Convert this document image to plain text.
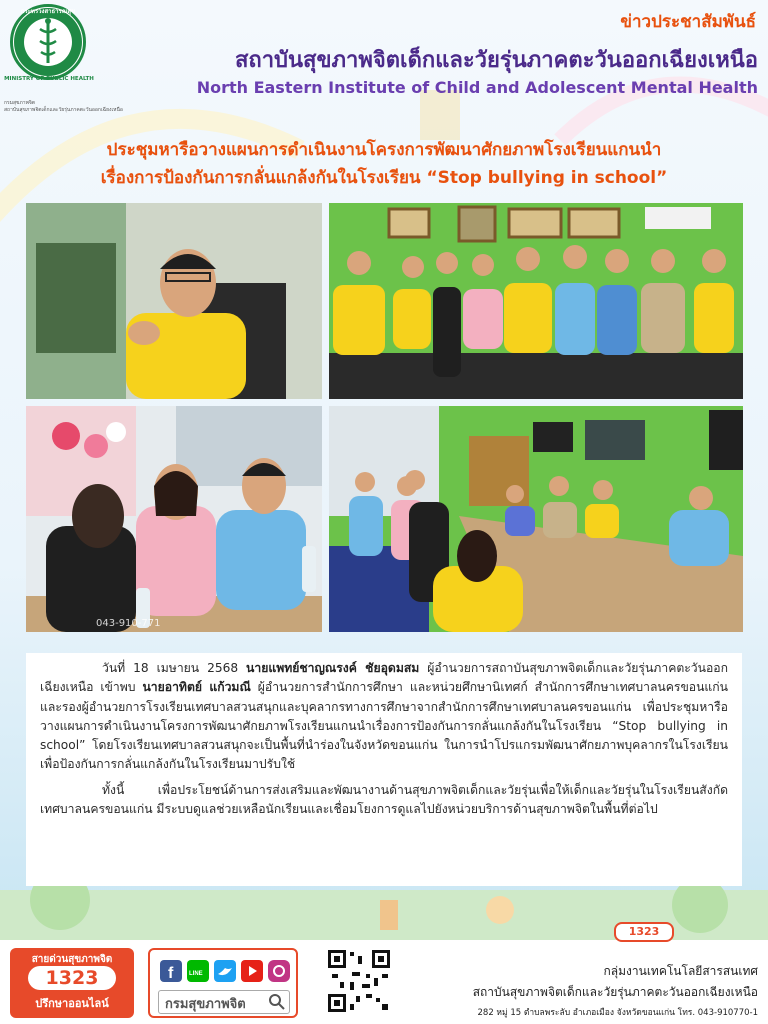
กระทรวงสาธารณสุข
MINISTRY OF PUBLIC HEALTH
กรมสุขภาพจิต
สถาบันสุขภาพจิตเด็กและวัยรุ่นภาคตะวันออกเฉียงเหนือ
ข่าวประชาสัมพันธ์
สถาบันสุขภาพจิตเด็กและวัยรุ่นภาคตะวันออกเฉียงเหนือ
North Eastern Institute of Child and Adolescent Mental Health
ประชุมหารือวางแผนการดำเนินงานโครงการพัฒนาศักยภาพโรงเรียนแกนนำ
เรื่องการป้องกันการกลั่นแกล้งกันในโรงเรียน “Stop bullying in school”
043-910-771

วันที่ 18 เมษายน 2568 นายแพทย์ชาญณรงค์ ชัยอุดมสม ผู้อำนวยการสถาบันสุขภาพจิตเด็กและวัยรุ่นภาคตะวันออกเฉียงเหนือ เข้าพบ นายอาทิตย์ แก้วมณี ผู้อำนวยการสำนักการศึกษา และหน่วยศึกษานิเทศก์ สำนักการศึกษาเทศบาลนครขอนแก่น และรองผู้อำนวยการโรงเรียนเทศบาลสวนสนุกและบุคลากรทางการศึกษาจากสำนักการศึกษาเทศบาลนครขอนแก่น เพื่อประชุมหารือวางแผนการดำเนินงานโครงการพัฒนาศักยภาพโรงเรียนแกนนำเรื่องการป้องกันการกลั่นแกล้งกันในโรงเรียน “Stop bullying in school” โดยโรงเรียนเทศบาลสวนสนุกจะเป็นพื้นที่นำร่องในจังหวัดขอนแก่น ในการนำโปรแกรมพัฒนาศักยภาพบุคลากรในโรงเรียนเพื่อป้องกันการกลั่นแกล้งกันในโรงเรียนมาปรับใช้

ทั้งนี้ เพื่อประโยชน์ด้านการส่งเสริมและพัฒนางานด้านสุขภาพจิตเด็กและวัยรุ่นเพื่อให้เด็กและวัยรุ่นในโรงเรียนสังกัดเทศบาลนครขอนแก่น มีระบบดูแลช่วยเหลือนักเรียนและเชื่อมโยงการดูแลไปยังหน่วยบริการด้านสุขภาพจิตในพื้นที่ต่อไป

สายด่วนสุขภาพจิต
1323
ปรึกษาออนไลน์
f	LINE
กรมสุขภาพจิต
1323
กลุ่มงานเทคโนโลยีสารสนเทศ
สถาบันสุขภาพจิตเด็กและวัยรุ่นภาคตะวันออกเฉียงเหนือ
282 หมู่ 15 ตำบลพระลับ อำเภอเมือง จังหวัดขอนแก่น โทร. 043-910770-1
